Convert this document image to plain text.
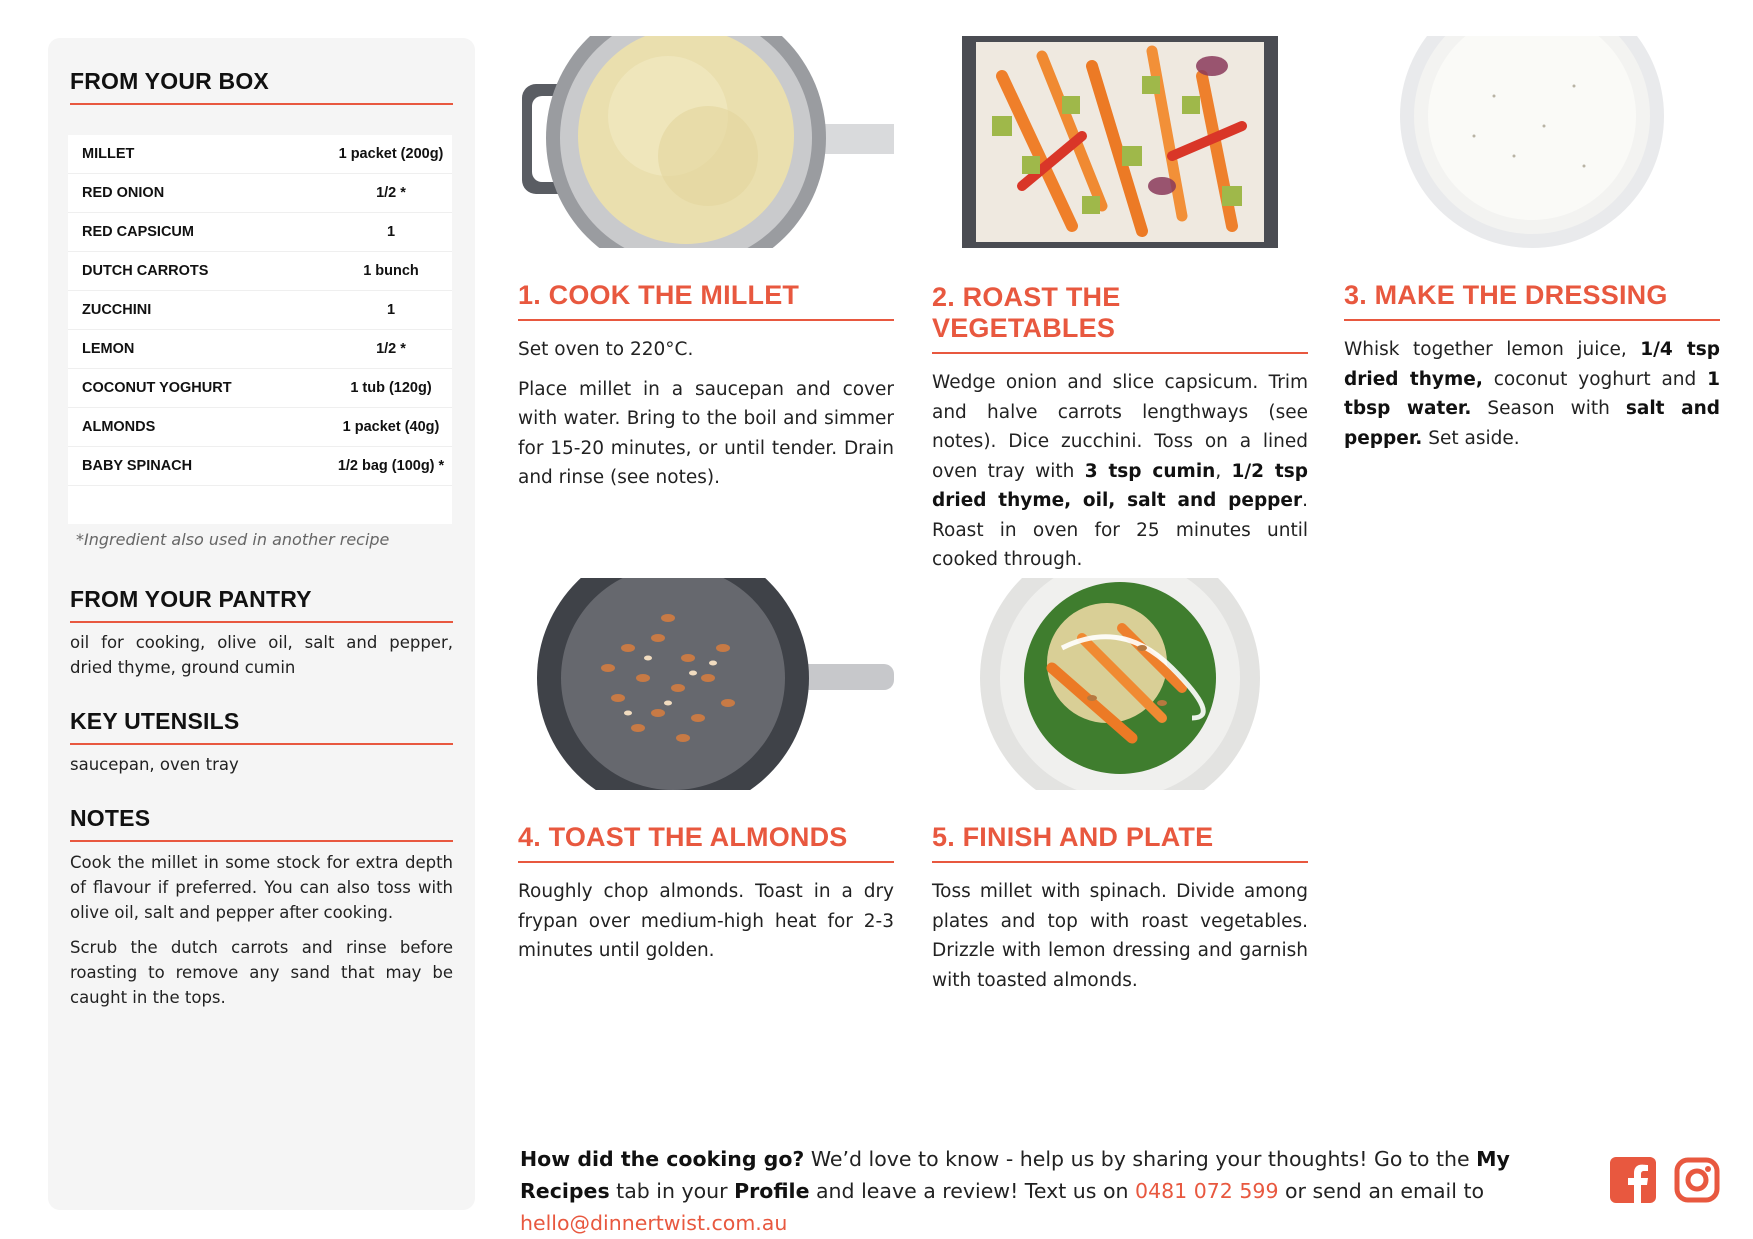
FROM YOUR BOX
MILLET	1 packet (200g)
RED ONION	1/2 *
RED CAPSICUM	1
DUTCH CARROTS	1 bunch
ZUCCHINI	1
LEMON	1/2 *
COCONUT YOGHURT	1 tub (120g)
ALMONDS	1 packet (40g)
BABY SPINACH	1/2 bag (100g) *
*Ingredient also used in another recipe
FROM YOUR PANTRY

oil for cooking, olive oil, salt and pepper, dried thyme, ground cumin

KEY UTENSILS

saucepan, oven tray

NOTES

Cook the millet in some stock for extra depth of flavour if preferred. You can also toss with olive oil, salt and pepper after cooking.

Scrub the dutch carrots and rinse before roasting to remove any sand that may be caught in the tops.

1. COOK THE MILLET

Set oven to 220°C.

Place millet in a saucepan and cover with water. Bring to the boil and simmer for 15-20 minutes, or until tender. Drain and rinse (see notes).

2. ROAST THE VEGETABLES

Wedge onion and slice capsicum. Trim and halve carrots lengthways (see notes). Dice zucchini. Toss on a lined oven tray with 3 tsp cumin, 1/2 tsp dried thyme, oil, salt and pepper. Roast in oven for 25 minutes until cooked through.

3. MAKE THE DRESSING

Whisk together lemon juice, 1/4 tsp dried thyme, coconut yoghurt and 1 tbsp water. Season with salt and pepper. Set aside.

4. TOAST THE ALMONDS

Roughly chop almonds. Toast in a dry frypan over medium-high heat for 2-3 minutes until golden.

5. FINISH AND PLATE

Toss millet with spinach. Divide among plates and top with roast vegetables. Drizzle with lemon dressing and garnish with toasted almonds.

How did the cooking go? We’d love to know - help us by sharing your thoughts! Go to the My Recipes tab in your Profile and leave a review! Text us on 0481 072 599 or send an email to hello@dinnertwist.com.au
